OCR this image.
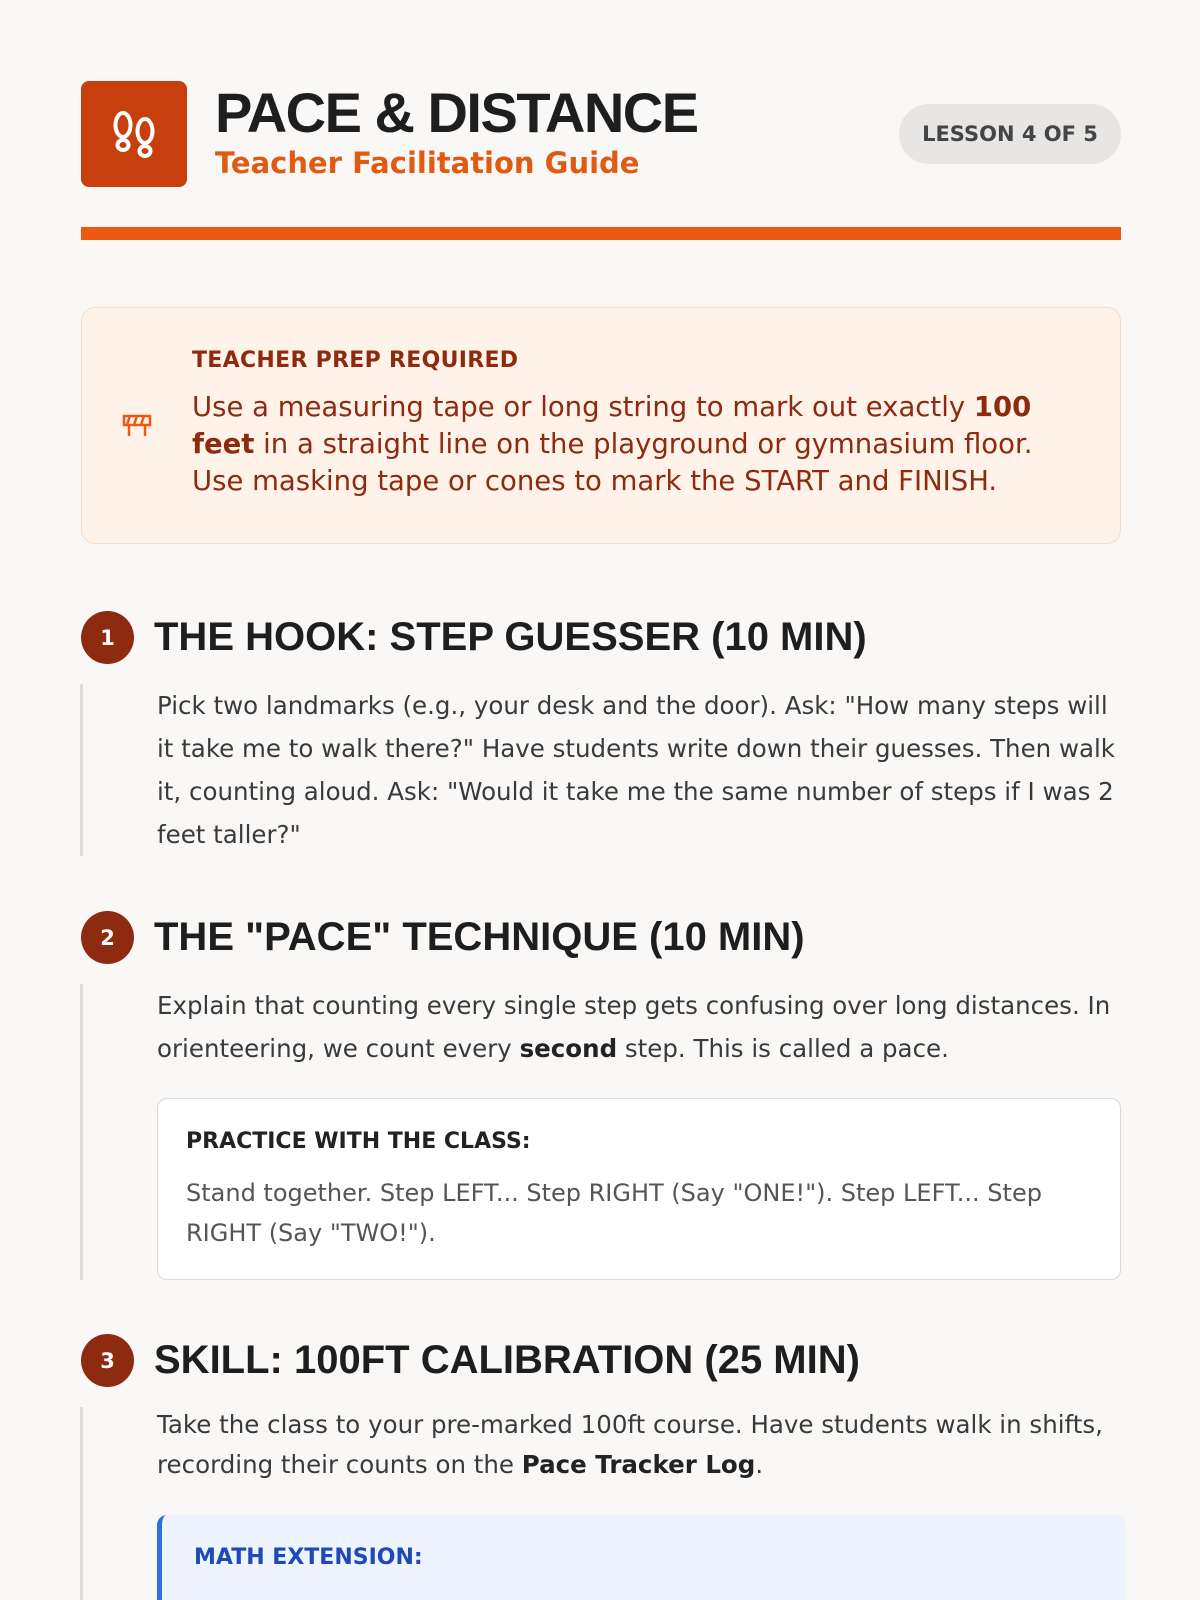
PACE & DISTANCE
Teacher Facilitation Guide
LESSON 4 OF 5
TEACHER PREP REQUIRED
Use a measuring tape or long string to mark out exactly 100 feet in a straight line on the playground or gymnasium floor. Use masking tape or cones to mark the START and FINISH.
1 THE HOOK: STEP GUESSER (10 MIN)
Pick two landmarks (e.g., your desk and the door). Ask: "How many steps will it take me to walk there?" Have students write down their guesses. Then walk it, counting aloud. Ask: "Would it take me the same number of steps if I was 2 feet taller?"
2 THE "PACE" TECHNIQUE (10 MIN)
Explain that counting every single step gets confusing over long distances. In orienteering, we count every second step. This is called a pace.
PRACTICE WITH THE CLASS:
Stand together. Step LEFT... Step RIGHT (Say "ONE!"). Step LEFT... Step RIGHT (Say "TWO!").
3 SKILL: 100FT CALIBRATION (25 MIN)
Take the class to your pre-marked 100ft course. Have students walk in shifts, recording their counts on the Pace Tracker Log.
MATH EXTENSION:
